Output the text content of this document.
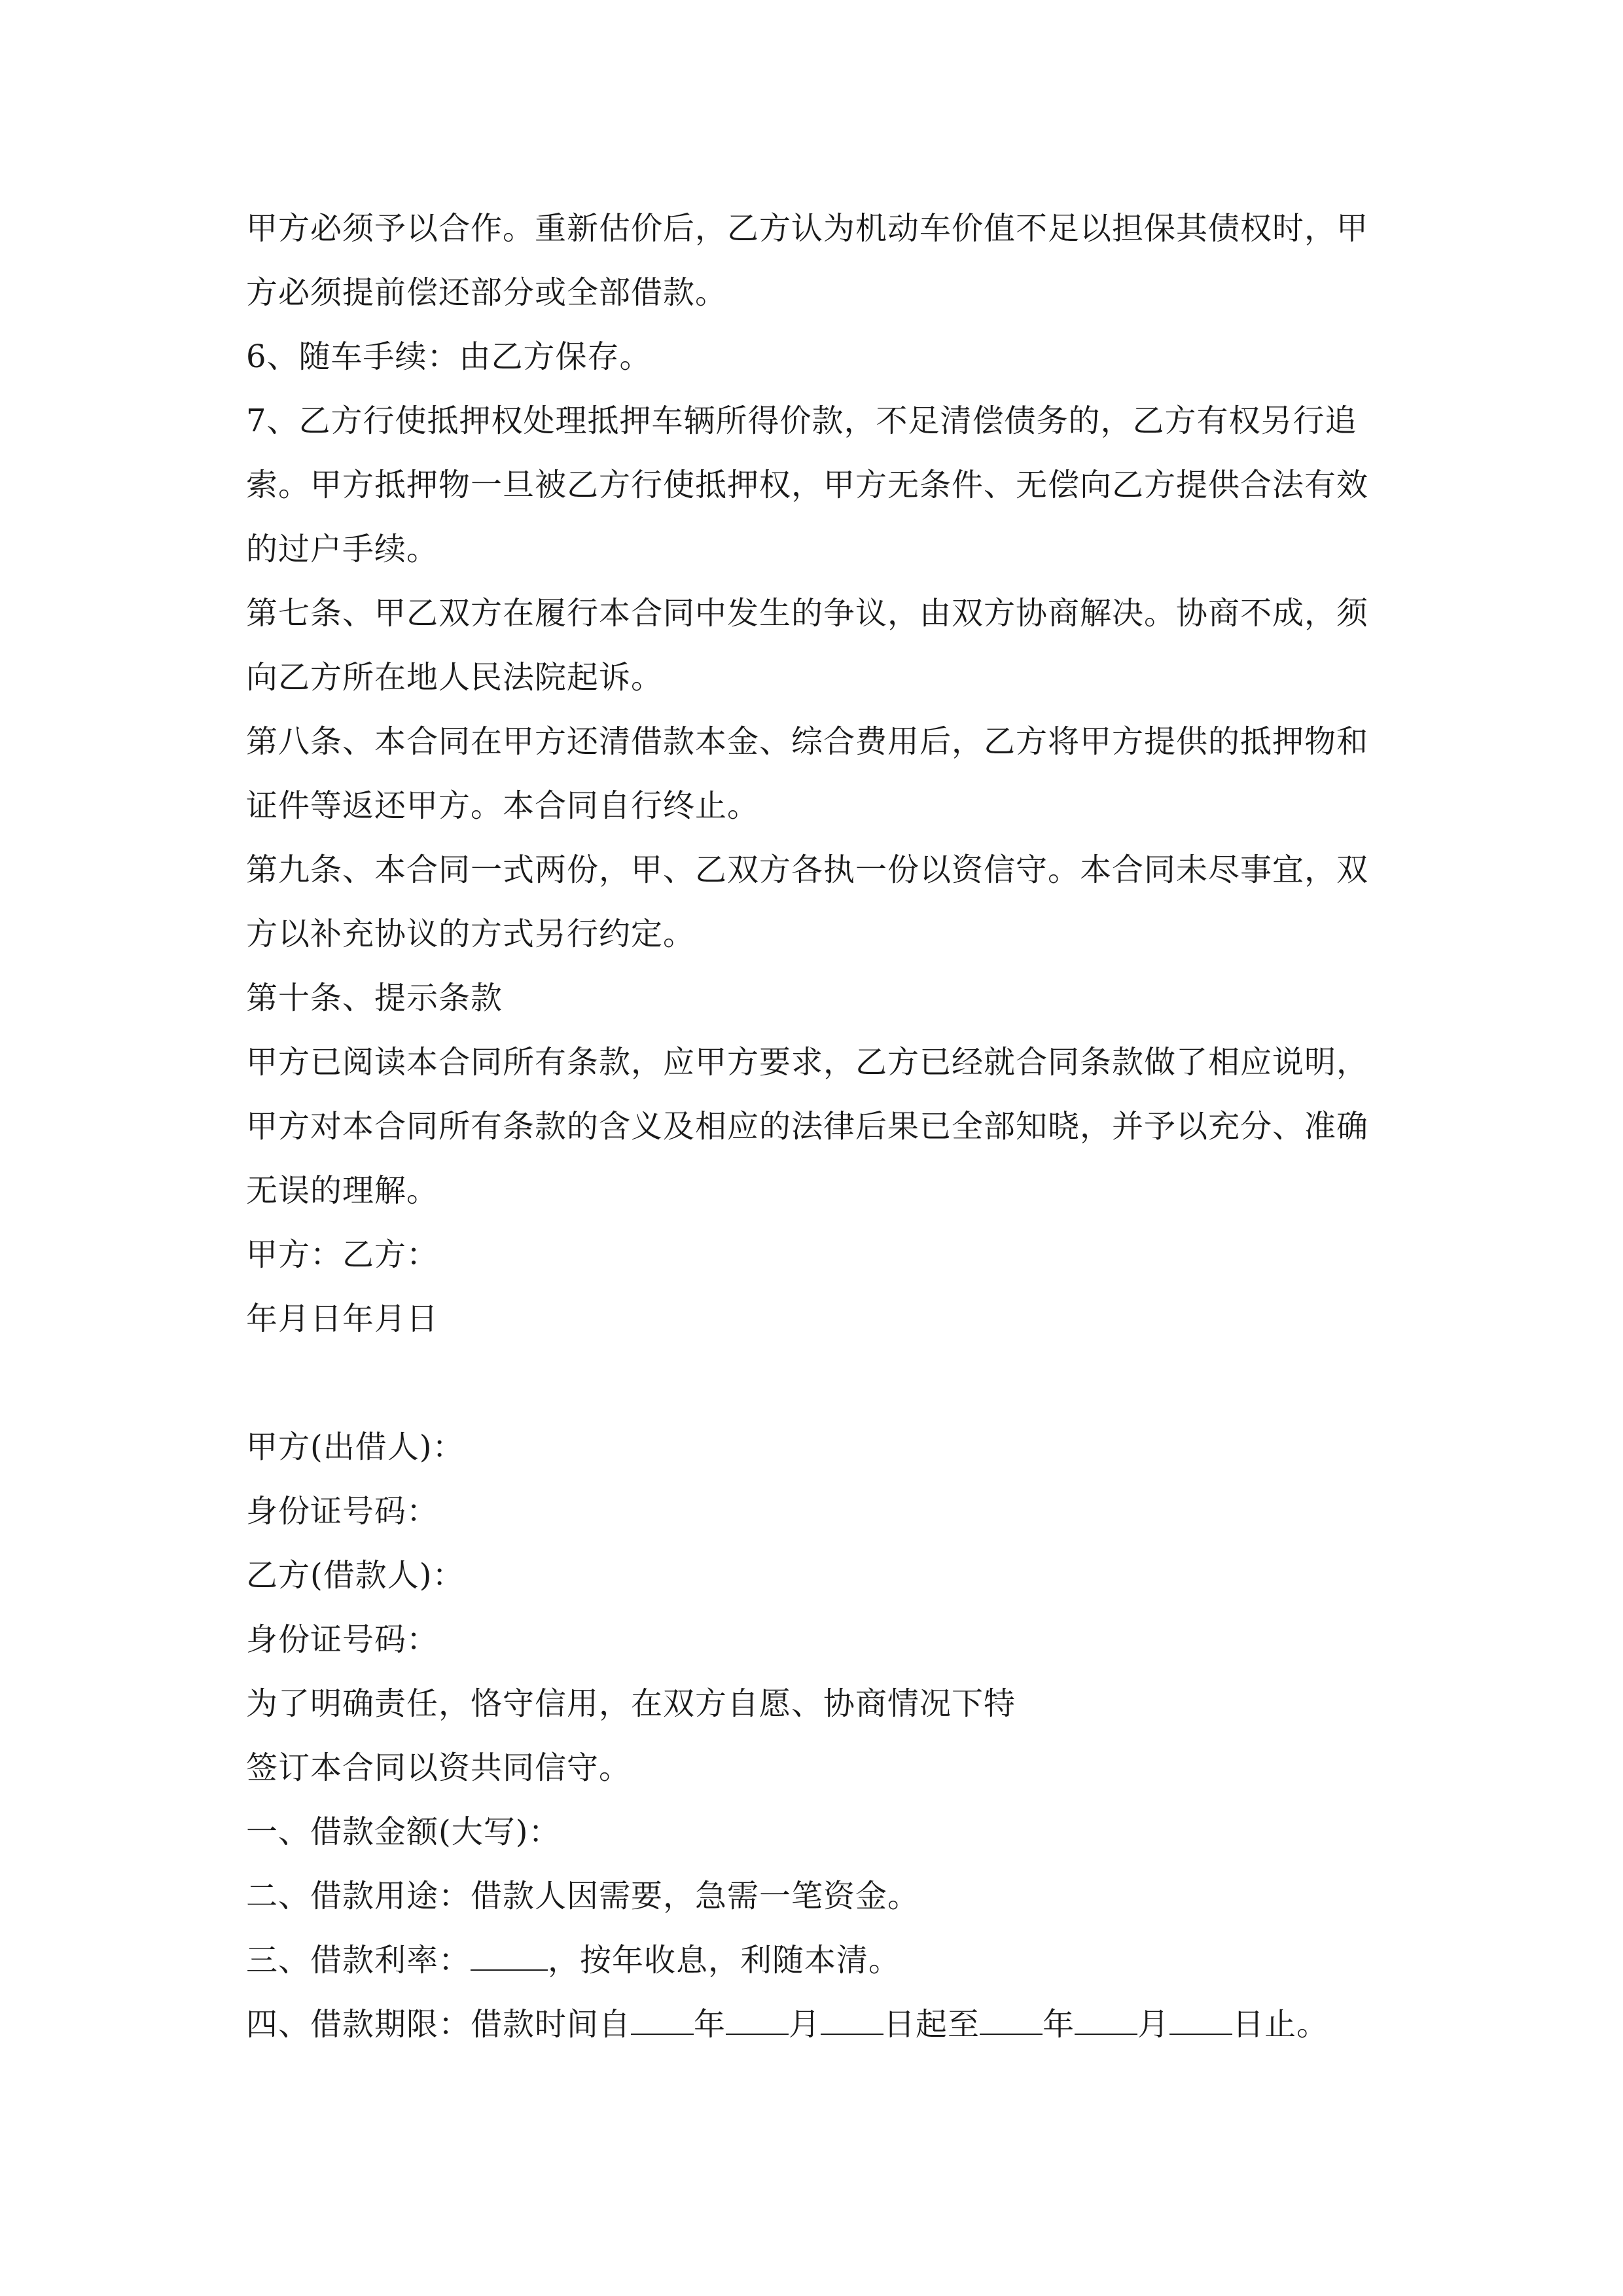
甲方必须予以合作。重新估价后，乙方认为机动车价值不足以担保其债权时，甲
方必须提前偿还部分或全部借款。
6、随车手续：由乙方保存。
7、乙方行使抵押权处理抵押车辆所得价款，不足清偿债务的，乙方有权另行追
索。甲方抵押物一旦被乙方行使抵押权，甲方无条件、无偿向乙方提供合法有效
的过户手续。
第七条、甲乙双方在履行本合同中发生的争议，由双方协商解决。协商不成，须
向乙方所在地人民法院起诉。
第八条、本合同在甲方还清借款本金、综合费用后，乙方将甲方提供的抵押物和
证件等返还甲方。本合同自行终止。
第九条、本合同一式两份，甲、乙双方各执一份以资信守。本合同未尽事宜，双
方以补充协议的方式另行约定。
第十条、提示条款
甲方已阅读本合同所有条款，应甲方要求，乙方已经就合同条款做了相应说明，
甲方对本合同所有条款的含义及相应的法律后果已全部知晓，并予以充分、准确
无误的理解。
甲方：乙方：
年月日年月日
甲方(出借人)：
身份证号码：
乙方(借款人)：
身份证号码：
为了明确责任，恪守信用，在双方自愿、协商情况下特
签订本合同以资共同信守。
一、借款金额(大写)：
二、借款用途：借款人因需要，急需一笔资金。
三、借款利率： ，按年收息，利随本清。
四、借款期限：借款时间自 年 月 日起至 年 月 日止。
